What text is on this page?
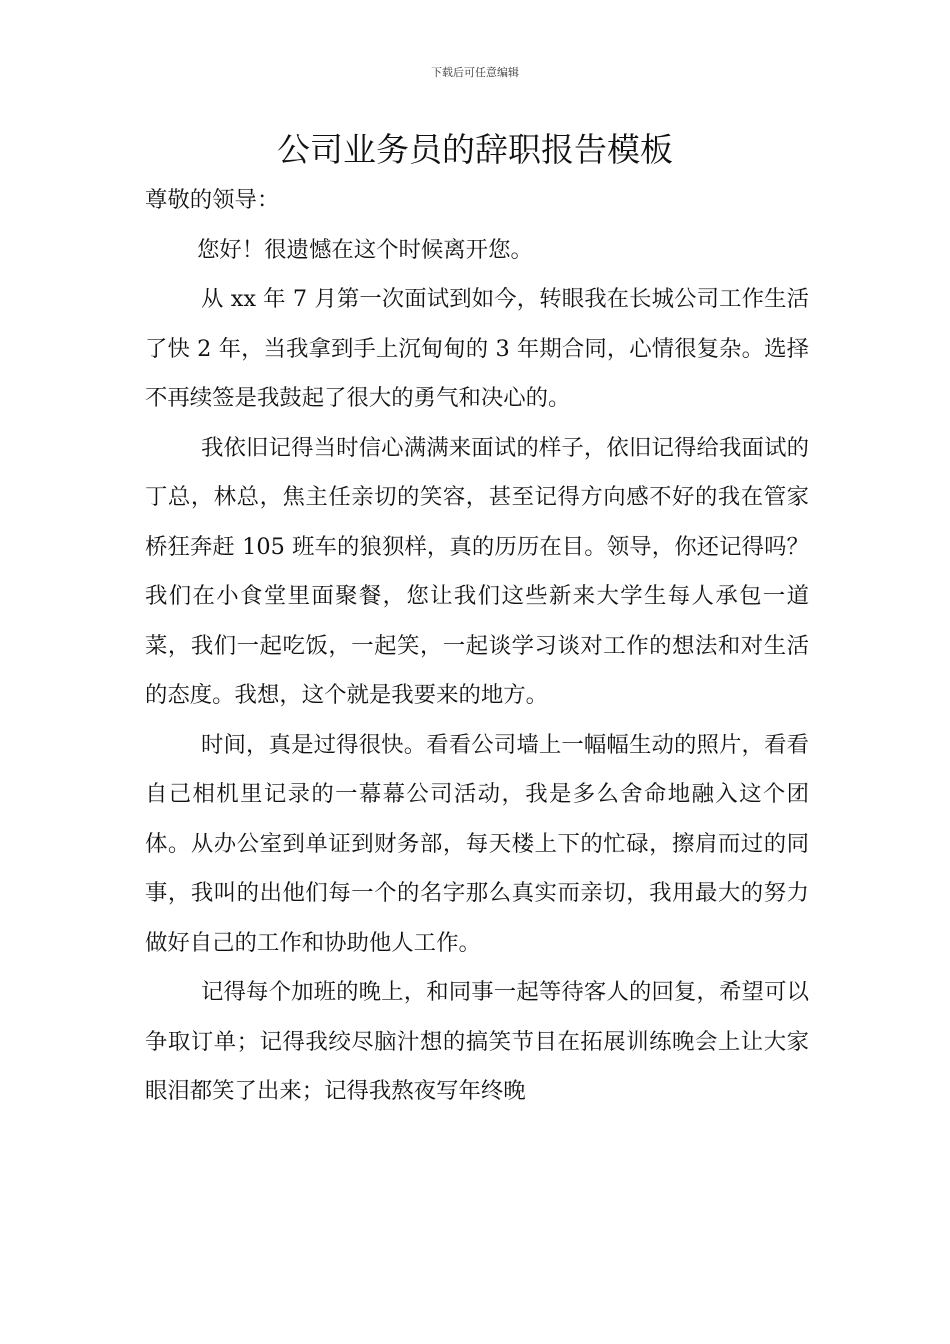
下载后可任意编辑
公司业务员的辞职报告模板

尊敬的领导：

您好！很遗憾在这个时候离开您。

从 xx 年 7 月第一次面试到如今，转眼我在长城公司工作生活了快 2 年，当我拿到手上沉甸甸的 3 年期合同，心情很复杂。选择不再续签是我鼓起了很大的勇气和决心的。

我依旧记得当时信心满满来面试的样子，依旧记得给我面试的丁总，林总，焦主任亲切的笑容，甚至记得方向感不好的我在管家桥狂奔赶 105 班车的狼狈样，真的历历在目。领导，你还记得吗？我们在小食堂里面聚餐，您让我们这些新来大学生每人承包一道菜，我们一起吃饭，一起笑，一起谈学习谈对工作的想法和对生活的态度。我想，这个就是我要来的地方。

时间，真是过得很快。看看公司墙上一幅幅生动的照片，看看自己相机里记录的一幕幕公司活动，我是多么舍命地融入这个团体。从办公室到单证到财务部，每天楼上下的忙碌，擦肩而过的同事，我叫的出他们每一个的名字那么真实而亲切，我用最大的努力做好自己的工作和协助他人工作。

记得每个加班的晚上，和同事一起等待客人的回复，希望可以争取订单；记得我绞尽脑汁想的搞笑节目在拓展训练晚会上让大家眼泪都笑了出来；记得我熬夜写年终晚
